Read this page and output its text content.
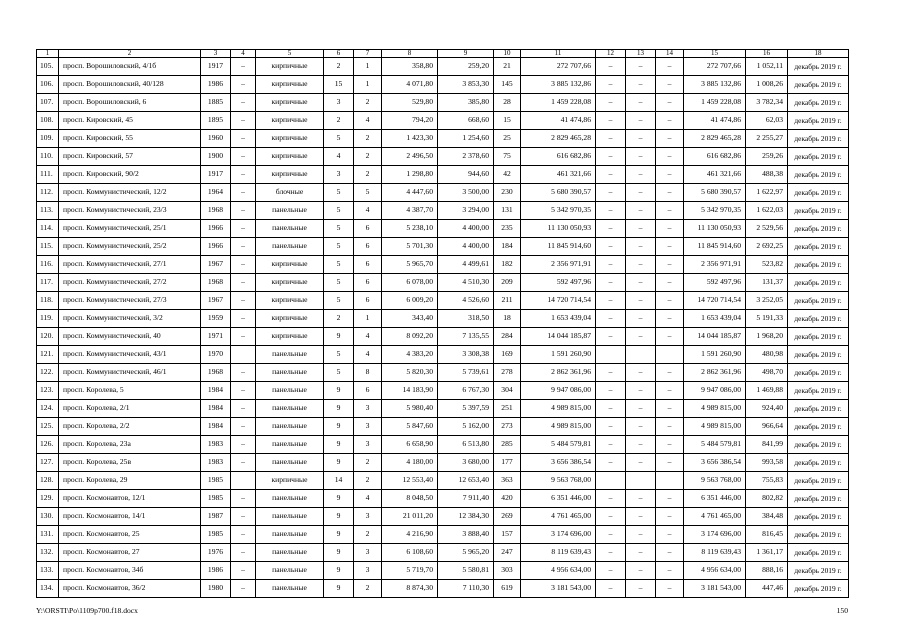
1	2	3	4	5	6	7	8	9	10	11	12	13	14	15	16	18
105.	просп. Ворошиловский, 4/1б	1917	–	кирпичные	2	1	358,80	259,20	21	272 707,66	–	–	–	272 707,66	1 052,11	декабрь 2019 г.
106.	просп. Ворошиловский, 40/128	1986	–	кирпичные	15	1	4 071,80	3 853,30	145	3 885 132,86	–	–	–	3 885 132,86	1 008,26	декабрь 2019 г.
107.	просп. Ворошиловский, 6	1885	–	кирпичные	3	2	529,80	385,80	28	1 459 228,08	–	–	–	1 459 228,08	3 782,34	декабрь 2019 г.
108.	просп. Кировский, 45	1895	–	кирпичные	2	4	794,20	668,60	15	41 474,86	–	–	–	41 474,86	62,03	декабрь 2019 г.
109.	просп. Кировский, 55	1960	–	кирпичные	5	2	1 423,30	1 254,60	25	2 829 465,28	–	–	–	2 829 465,28	2 255,27	декабрь 2019 г.
110.	просп. Кировский, 57	1900	–	кирпичные	4	2	2 496,50	2 378,60	75	616 682,86	–	–	–	616 682,86	259,26	декабрь 2019 г.
111.	просп. Кировский, 90/2	1917	–	кирпичные	3	2	1 298,80	944,60	42	461 321,66	–	–	–	461 321,66	488,38	декабрь 2019 г.
112.	просп. Коммунистический, 12/2	1964	–	блочные	5	5	4 447,60	3 500,00	230	5 680 390,57	–	–	–	5 680 390,57	1 622,97	декабрь 2019 г.
113.	просп. Коммунистический, 23/3	1968	–	панельные	5	4	4 387,70	3 294,00	131	5 342 970,35	–	–	–	5 342 970,35	1 622,03	декабрь 2019 г.
114.	просп. Коммунистический, 25/1	1966	–	панельные	5	6	5 238,10	4 400,00	235	11 130 050,93	–	–	–	11 130 050,93	2 529,56	декабрь 2019 г.
115.	просп. Коммунистический, 25/2	1966	–	панельные	5	6	5 701,30	4 400,00	184	11 845 914,60	–	–	–	11 845 914,60	2 692,25	декабрь 2019 г.
116.	просп. Коммунистический, 27/1	1967	–	кирпичные	5	6	5 965,70	4 499,61	182	2 356 971,91	–	–	–	2 356 971,91	523,82	декабрь 2019 г.
117.	просп. Коммунистический, 27/2	1968	–	кирпичные	5	6	6 078,00	4 510,30	209	592 497,96	–	–	–	592 497,96	131,37	декабрь 2019 г.
118.	просп. Коммунистический, 27/3	1967	–	кирпичные	5	6	6 009,20	4 526,60	211	14 720 714,54	–	–	–	14 720 714,54	3 252,05	декабрь 2019 г.
119.	просп. Коммунистический, 3/2	1959	–	кирпичные	2	1	343,40	318,50	18	1 653 439,04	–	–	–	1 653 439,04	5 191,33	декабрь 2019 г.
120.	просп. Коммунистический, 40	1971	–	кирпичные	9	4	8 092,20	7 135,55	284	14 044 185,87	–	–	–	14 044 185,87	1 968,20	декабрь 2019 г.
121.	просп. Коммунистический, 43/1	1970		панельные	5	4	4 383,20	3 308,38	169	1 591 260,90				1 591 260,90	480,98	декабрь 2019 г.
122.	просп. Коммунистический, 46/1	1968	–	панельные	5	8	5 820,30	5 739,61	278	2 862 361,96	–	–	–	2 862 361,96	498,70	декабрь 2019 г.
123.	просп. Королева, 5	1984	–	панельные	9	6	14 183,90	6 767,30	304	9 947 086,00	–	–	–	9 947 086,00	1 469,88	декабрь 2019 г.
124.	просп. Королева, 2/1	1984	–	панельные	9	3	5 980,40	5 397,59	251	4 989 815,00	–	–	–	4 989 815,00	924,40	декабрь 2019 г.
125.	просп. Королева, 2/2	1984	–	панельные	9	3	5 847,60	5 162,00	273	4 989 815,00	–	–	–	4 989 815,00	966,64	декабрь 2019 г.
126.	просп. Королева, 23а	1983	–	панельные	9	3	6 658,90	6 513,80	285	5 484 579,81	–	–	–	5 484 579,81	841,99	декабрь 2019 г.
127.	просп. Королева, 25в	1983	–	панельные	9	2	4 180,00	3 680,00	177	3 656 386,54	–	–	–	3 656 386,54	993,58	декабрь 2019 г.
128.	просп. Королева, 29	1985		кирпичные	14	2	12 553,40	12 653,40	363	9 563 768,00				9 563 768,00	755,83	декабрь 2019 г.
129.	просп. Космонавтов, 12/1	1985	–	панельные	9	4	8 048,50	7 911,40	420	6 351 446,00	–	–	–	6 351 446,00	802,82	декабрь 2019 г.
130.	просп. Космонавтов, 14/1	1987	–	панельные	9	3	21 011,20	12 384,30	269	4 761 465,00	–	–	–	4 761 465,00	384,48	декабрь 2019 г.
131.	просп. Космонавтов, 25	1985	–	панельные	9	2	4 216,90	3 888,40	157	3 174 696,00	–	–	–	3 174 696,00	816,45	декабрь 2019 г.
132.	просп. Космонавтов, 27	1976	–	панельные	9	3	6 108,60	5 965,20	247	8 119 639,43	–	–	–	8 119 639,43	1 361,17	декабрь 2019 г.
133.	просп. Космонавтов, 34б	1986	–	панельные	9	3	5 719,70	5 580,81	303	4 956 634,00	–	–	–	4 956 634,00	888,16	декабрь 2019 г.
134.	просп. Космонавтов, 36/2	1980	–	панельные	9	2	8 874,30	7 110,30	619	3 181 543,00	–	–	–	3 181 543,00	447,46	декабрь 2019 г.
Y:\ORSTI\Po\1109p700.f18.docx	150
